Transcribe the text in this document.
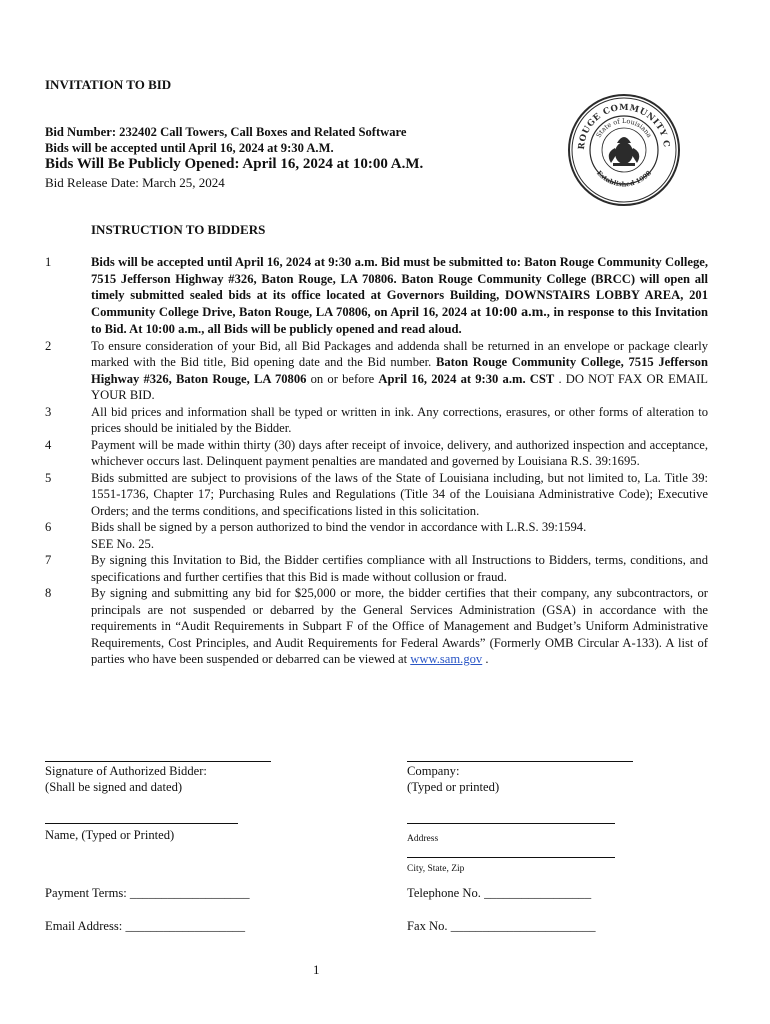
INVITATION TO BID
Bid Number: 232402 Call Towers, Call Boxes and Related Software
Bids will be accepted until April 16, 2024 at 9:30 A.M.
Bids Will Be Publicly Opened: April 16, 2024 at 10:00 A.M.
Bid Release Date: March 25, 2024
ROUGE COMMUNITY C
State of Louisiana
Established 1998
INSTRUCTION TO BIDDERS
1	Bids will be accepted until April 16, 2024 at 9:30 a.m. Bid must be submitted to: Baton Rouge Community College, 7515 Jefferson Highway #326, Baton Rouge, LA 70806. Baton Rouge Community College (BRCC) will open all timely submitted sealed bids at its office located at Governors Building, DOWNSTAIRS LOBBY AREA, 201 Community College Drive, Baton Rouge, LA 70806, on April 16, 2024 at 10:00 a.m., in response to this Invitation to Bid. At 10:00 a.m., all Bids will be publicly opened and read aloud.
2	To ensure consideration of your Bid, all Bid Packages and addenda shall be returned in an envelope or package clearly marked with the Bid title, Bid opening date and the Bid number. Baton Rouge Community College, 7515 Jefferson Highway #326, Baton Rouge, LA 70806 on or before April 16, 2024 at 9:30 a.m. CST . DO NOT FAX OR EMAIL YOUR BID.
3	All bid prices and information shall be typed or written in ink. Any corrections, erasures, or other forms of alteration to prices should be initialed by the Bidder.
4	Payment will be made within thirty (30) days after receipt of invoice, delivery, and authorized inspection and acceptance, whichever occurs last. Delinquent payment penalties are mandated and governed by Louisiana R.S. 39:1695.
5	Bids submitted are subject to provisions of the laws of the State of Louisiana including, but not limited to, La. Title 39: 1551-1736, Chapter 17; Purchasing Rules and Regulations (Title 34 of the Louisiana Administrative Code); Executive Orders; and the terms conditions, and specifications listed in this solicitation.
6	Bids shall be signed by a person authorized to bind the vendor in accordance with L.R.S. 39:1594.
SEE No. 25.
7	By signing this Invitation to Bid, the Bidder certifies compliance with all Instructions to Bidders, terms, conditions, and specifications and further certifies that this Bid is made without collusion or fraud.
8	By signing and submitting any bid for $25,000 or more, the bidder certifies that their company, any subcontractors, or principals are not suspended or debarred by the General Services Administration (GSA) in accordance with the requirements in “Audit Requirements in Subpart F of the Office of Management and Budget’s Uniform Administrative Requirements, Cost Principles, and Audit Requirements for Federal Awards” (Formerly OMB Circular A-133). A list of parties who have been suspended or debarred can be viewed at www.sam.gov .
Signature of Authorized Bidder:
(Shall be signed and dated)
Company:
(Typed or printed)
Name, (Typed or Printed)	Address
City, State, Zip
Payment Terms: ___________________	Telephone No. _________________
Email Address: ___________________	Fax No. _______________________
1
